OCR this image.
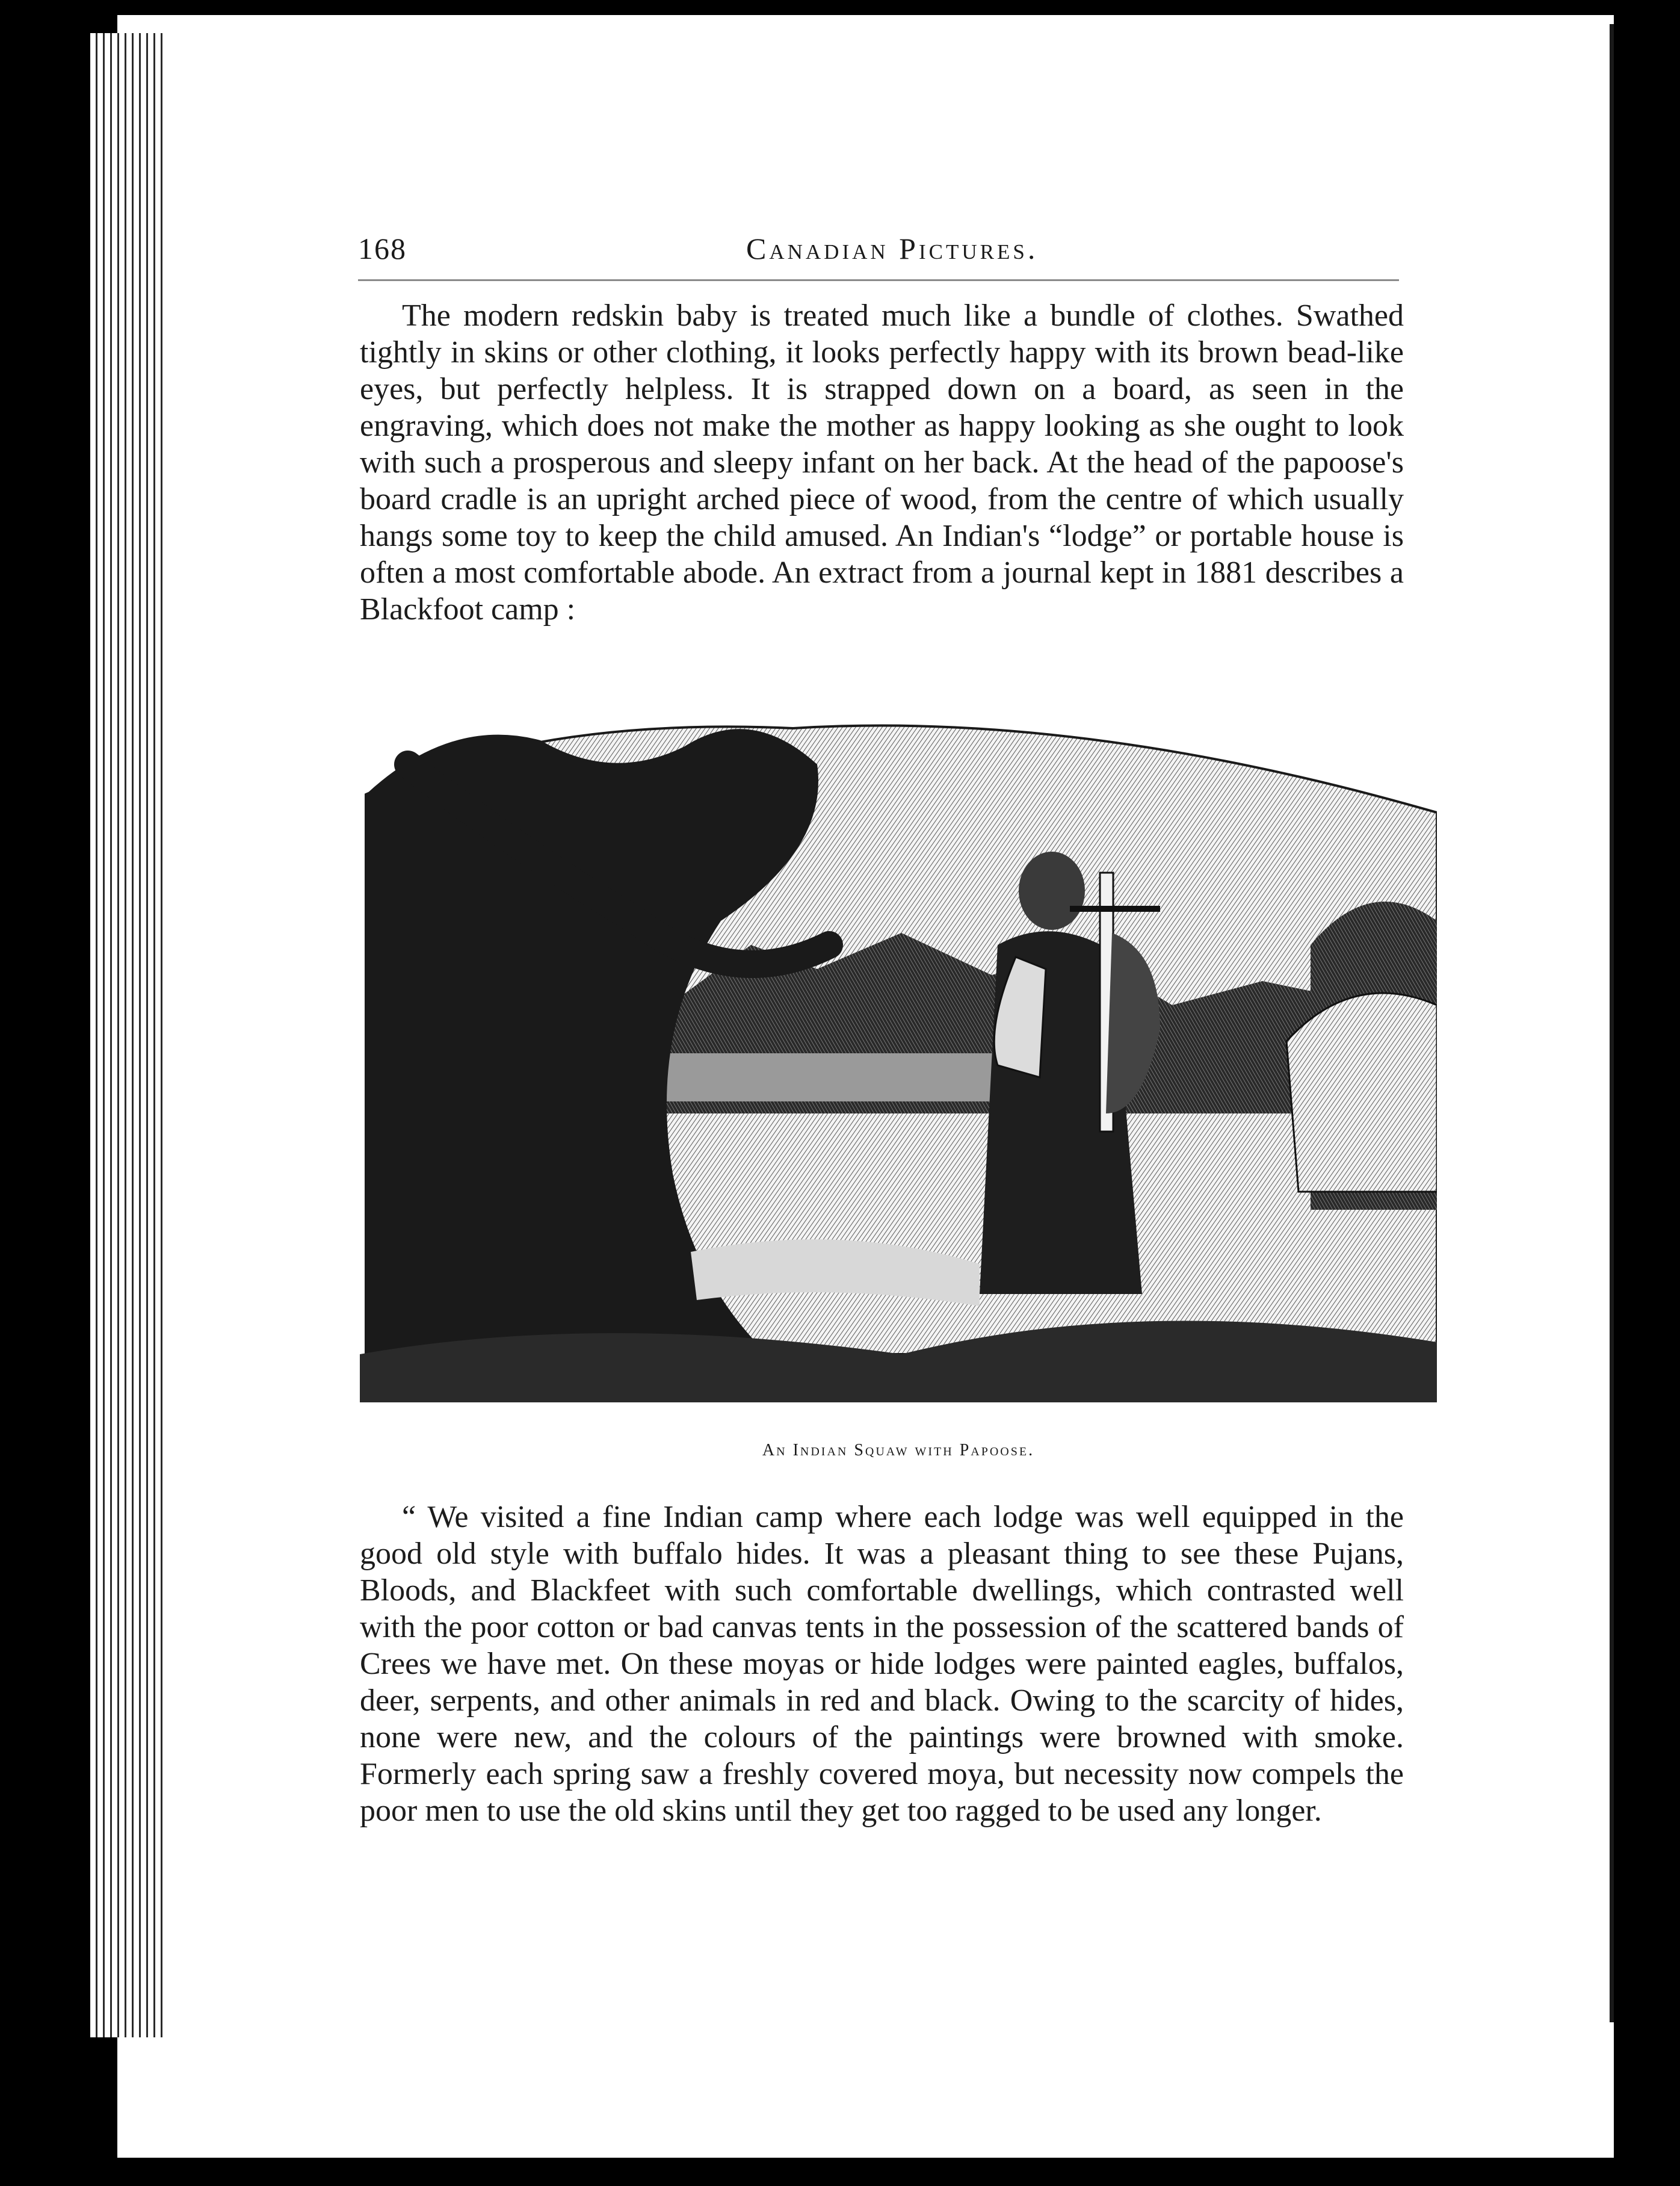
168	Canadian Pictures.

The modern redskin baby is treated much like a bundle of clothes. Swathed tightly in skins or other clothing, it looks perfectly happy with its brown bead-like eyes, but perfectly helpless. It is strapped down on a board, as seen in the engraving, which does not make the mother as happy looking as she ought to look with such a prosperous and sleepy infant on her back. At the head of the papoose's board cradle is an upright arched piece of wood, from the centre of which usually hangs some toy to keep the child amused. An Indian's “lodge” or portable house is often a most comfortable abode. An extract from a journal kept in 1881 describes a Blackfoot camp :

An Indian Squaw with Papoose.

“ We visited a fine Indian camp where each lodge was well equipped in the good old style with buffalo hides. It was a pleasant thing to see these Pujans, Bloods, and Blackfeet with such comfortable dwellings, which contrasted well with the poor cotton or bad canvas tents in the possession of the scattered bands of Crees we have met. On these moyas or hide lodges were painted eagles, buffalos, deer, serpents, and other animals in red and black. Owing to the scarcity of hides, none were new, and the colours of the paintings were browned with smoke. Formerly each spring saw a freshly covered moya, but necessity now compels the poor men to use the old skins until they get too ragged to be used any longer.
